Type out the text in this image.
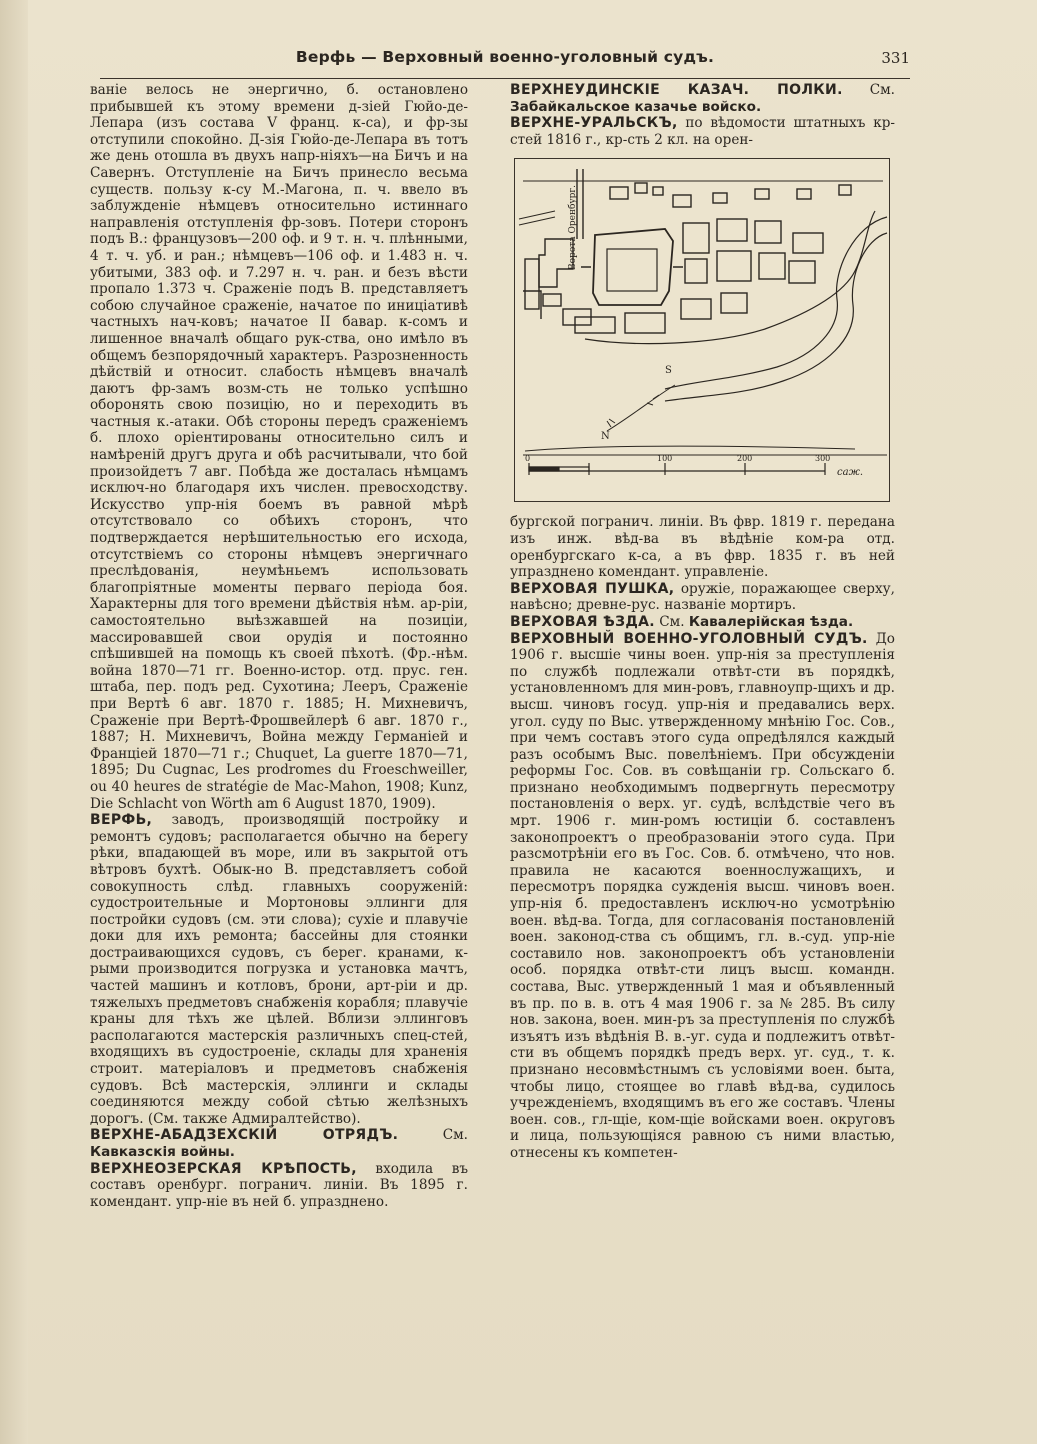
Верфь — Верховный военно-уголовный судъ.	331

ваніе велось не энергично, б. остановлено прибывшей къ этому времени д-зіей Гюйо-де-Лепара (изъ состава V франц. к-са), и фр-зы отступили спокойно. Д-зія Гюйо-де-Лепара въ тотъ же день отошла въ двухъ напр-ніяхъ—на Бичъ и на Савернъ. Отступленіе на Бичъ принесло весьма существ. пользу к-су М.-Магона, п. ч. ввело въ заблужденіе нѣмцевъ относительно истиннаго направленія отступленія фр-зовъ. Потери сторонъ подъ В.: французовъ—200 оф. и 9 т. н. ч. плѣнными, 4 т. ч. уб. и ран.; нѣмцевъ—106 оф. и 1.483 н. ч. убитыми, 383 оф. и 7.297 н. ч. ран. и безъ вѣсти пропало 1.373 ч. Сраженіе подъ В. представляетъ собою случайное сраженіе, начатое по иниціативѣ частныхъ нач-ковъ; начатое II бавар. к-сомъ и лишенное вначалѣ общаго рук-ства, оно имѣло въ общемъ безпорядочный характеръ. Разрозненность дѣйствій и относит. слабость нѣмцевъ вначалѣ даютъ фр-замъ возм-сть не только успѣшно оборонять свою позицію, но и переходить въ частныя к.-атаки. Обѣ стороны передъ сраженіемъ б. плохо оріентированы относительно силъ и намѣреній другъ друга и обѣ расчитывали, что бой произойдетъ 7 авг. Побѣда же досталась нѣмцамъ исключ-но благодаря ихъ числен. превосходству. Искусство упр-нія боемъ въ равной мѣрѣ отсутствовало со обѣихъ сторонъ, что подтверждается нерѣшительностью его исхода, отсутствіемъ со стороны нѣмцевъ энергичнаго преслѣдованія, неумѣньемъ использовать благопріятные моменты перваго періода боя. Характерны для того времени дѣйствія нѣм. ар-ріи, самостоятельно выѣзжавшей на позиціи, массировавшей свои орудія и постоянно спѣшившей на помощь къ своей пѣхотѣ. (Фр.-нѣм. война 1870—71 гг. Военно-истор. отд. прус. ген. штаба, пер. подъ ред. Сухотина; Лееръ, Сраженіе при Вертѣ 6 авг. 1870 г. 1885; Н. Михневичъ, Сраженіе при Вертѣ-Фрошвейлерѣ 6 авг. 1870 г., 1887; Н. Михневичъ, Война между Германіей и Франціей 1870—71 г.; Chuquet, La guerre 1870—71, 1895; Du Cugnac, Les prodromes du Froeschweiller, ou 40 heures de stratégie de Mac-Mahon, 1908; Kunz, Die Schlacht von Wörth am 6 August 1870, 1909).

ВЕРФЬ, заводъ, производящій постройку и ремонтъ судовъ; располагается обычно на берегу рѣки, впадающей въ море, или въ закрытой отъ вѣтровъ бухтѣ. Обык-но В. представляетъ собой совокупность слѣд. главныхъ сооруженій: судостроительные и Мортоновы эллинги для постройки судовъ (см. эти слова); сухіе и плавучіе доки для ихъ ремонта; бассейны для стоянки достраивающихся судовъ, съ берег. кранами, к-рыми производится погрузка и установка мачтъ, частей машинъ и котловъ, брони, арт-ріи и др. тяжелыхъ предметовъ снабженія корабля; плавучіе краны для тѣхъ же цѣлей. Вблизи эллинговъ располагаются мастерскія различныхъ спец-стей, входящихъ въ судостроеніе, склады для храненія строит. матеріаловъ и предметовъ снабженія судовъ. Всѣ мастерскія, эллинги и склады соединяются между собой сѣтью желѣзныхъ дорогъ. (См. также Адмиралтейство).

ВЕРХНЕ-АБАДЗЕХСКІЙ ОТРЯДЪ.	См. Кавказскія войны.

ВЕРХНЕОЗЕРСКАЯ КРѢПОСТЬ, входила въ составъ оренбург. погранич. линіи. Въ 1895 г. комендант. упр-ніе въ ней б. упразднено.

ВЕРХНЕУДИНСКІЕ КАЗАЧ. ПОЛКИ. См. Забайкальское казачье войско.

ВЕРХНЕ-УРАЛЬСКЪ, по вѣдомости штатныхъ кр-стей 1816 г., кр-сть 2 кл. на орен-

Ворота Оренбург.
S
N
0	100	200	300
саж.

бургской погранич. линіи. Въ фвр. 1819 г. передана изъ инж. вѣд-ва въ вѣдѣніе ком-ра отд. оренбургскаго к-са, а въ фвр. 1835 г. въ ней упразднено комендант. управленіе.

ВЕРХОВАЯ ПУШКА, оружіе, поражающее сверху, навѣсно; древне-рус. названіе мортиръ.

ВЕРХОВАЯ ѢЗДА. См. Кавалерійская ѣзда.

ВЕРХОВНЫЙ ВОЕННО-УГОЛОВНЫЙ СУДЪ. До 1906 г. высшіе чины воен. упр-нія за преступленія по службѣ подлежали отвѣт-сти въ порядкѣ, установленномъ для мин-ровъ, главноупр-щихъ и др. высш. чиновъ госуд. упр-нія и предавались верх. угол. суду по Выс. утвержденному мнѣнію Гос. Сов., при чемъ составъ этого суда опредѣлялся каждый разъ особымъ Выс. повелѣніемъ. При обсужденіи реформы Гос. Сов. въ совѣщаніи гр. Сольскаго б. признано необходимымъ подвергнуть пересмотру постановленія о верх. уг. судѣ, вслѣдствіе чего въ мрт. 1906 г. мин-ромъ юстиціи б. составленъ законопроектъ о преобразованіи этого суда. При разсмотрѣніи его въ Гос. Сов. б. отмѣчено, что нов. правила не касаются военнослужащихъ, и пересмотръ порядка сужденія высш. чиновъ воен. упр-нія б. предоставленъ исключ-но усмотрѣнію воен. вѣд-ва. Тогда, для согласованія постановленій воен. законод-ства съ общимъ, гл. в.-суд. упр-ніе составило нов. законопроектъ объ установленіи особ. порядка отвѣт-сти лицъ высш. командн. состава, Выс. утвержденный 1 мая и объявленный въ пр. по в. в. отъ 4 мая 1906 г. за № 285. Въ силу нов. закона, воен. мин-ръ за преступленія по службѣ изъятъ изъ вѣдѣнія В. в.-уг. суда и подлежитъ отвѣт-сти въ общемъ порядкѣ предъ верх. уг. суд., т. к. признано несовмѣстнымъ съ условіями воен. быта, чтобы лицо, стоящее во главѣ вѣд-ва, судилось учрежденіемъ, входящимъ въ его же составъ. Члены воен. сов., гл-щіе, ком-щіе войсками воен. округовъ и лица, пользующіяся равною съ ними властью, отнесены къ компетен-
